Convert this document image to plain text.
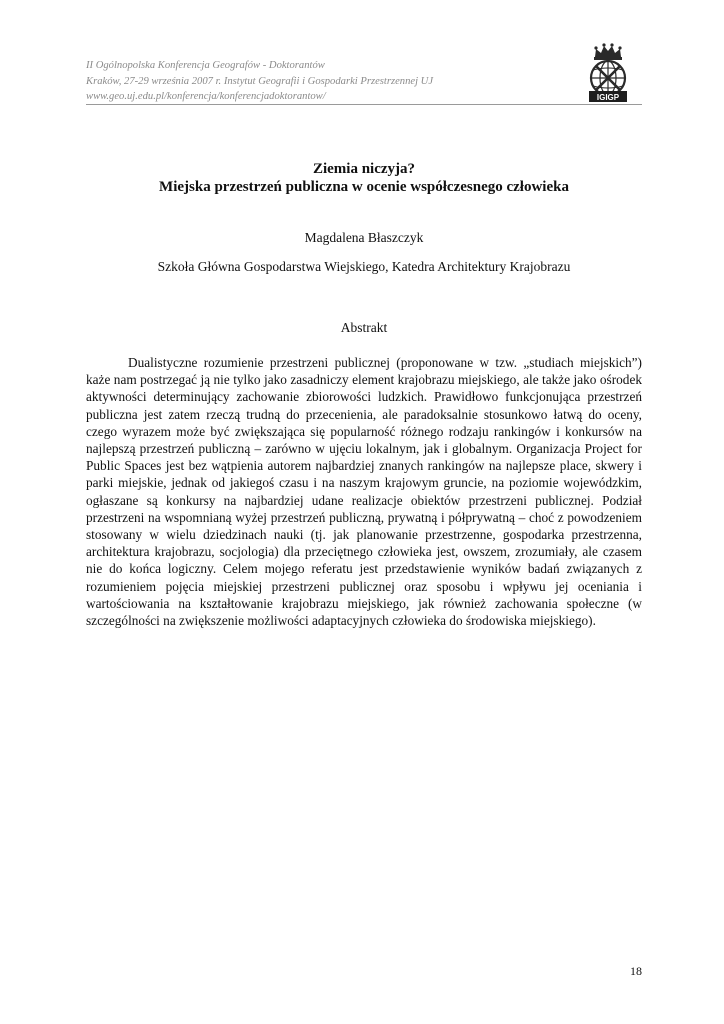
II Ogólnopolska Konferencja Geografów - Doktorantów
Kraków, 27-29 września 2007 r. Instytut Geografii i Gospodarki Przestrzennej UJ
www.geo.uj.edu.pl/konferencja/konferencjadoktorantow/	IGIGP
Ziemia niczyja?
Miejska przestrzeń publiczna w ocenie współczesnego człowieka
Magdalena Błaszczyk
Szkoła Główna Gospodarstwa Wiejskiego, Katedra Architektury Krajobrazu
Abstrakt

Dualistyczne rozumienie przestrzeni publicznej (proponowane w tzw. „studiach miejskich”) każe nam postrzegać ją nie tylko jako zasadniczy element krajobrazu miejskiego, ale także jako ośrodek aktywności determinujący zachowanie zbiorowości ludzkich. Prawidłowo funkcjonująca przestrzeń publiczna jest zatem rzeczą trudną do przecenienia, ale paradoksalnie stosunkowo łatwą do oceny, czego wyrazem może być zwiększająca się popularność różnego rodzaju rankingów i konkursów na najlepszą przestrzeń publiczną – zarówno w ujęciu lokalnym, jak i globalnym. Organizacja Project for Public Spaces jest bez wątpienia autorem najbardziej znanych rankingów na najlepsze place, skwery i parki miejskie, jednak od jakiegoś czasu i na naszym krajowym gruncie, na poziomie wojewódzkim, ogłaszane są konkursy na najbardziej udane realizacje obiektów przestrzeni publicznej. Podział przestrzeni na wspomnianą wyżej przestrzeń publiczną, prywatną i półprywatną – choć z powodzeniem stosowany w wielu dziedzinach nauki (tj. jak planowanie przestrzenne, gospodarka przestrzenna, architektura krajobrazu, socjologia) dla przeciętnego człowieka jest, owszem, zrozumiały, ale czasem nie do końca logiczny. Celem mojego referatu jest przedstawienie wyników badań związanych z rozumieniem pojęcia miejskiej przestrzeni publicznej oraz sposobu i wpływu jej oceniania i wartościowania na kształtowanie krajobrazu miejskiego, jak również zachowania społeczne (w szczególności na zwiększenie możliwości adaptacyjnych człowieka do środowiska miejskiego).

18
